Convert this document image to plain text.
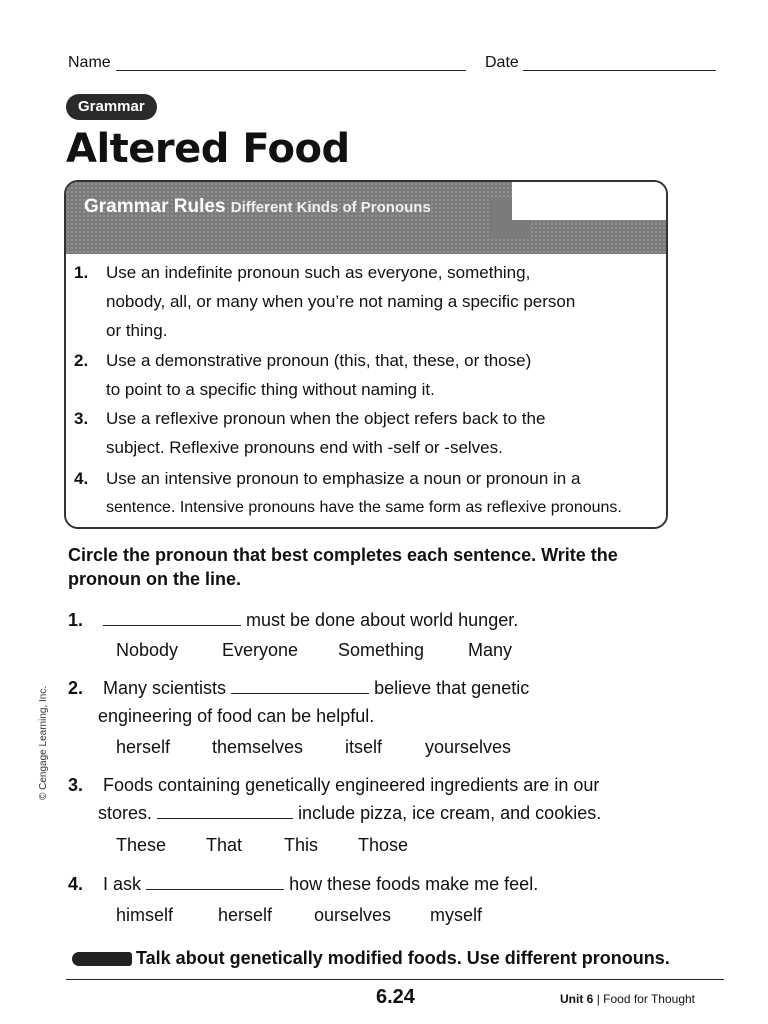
Name	Date
Grammar
Altered Food
Grammar Rules Different Kinds of Pronouns
1. Use an indefinite pronoun such as everyone, something,
nobody, all, or many when you’re not naming a specific person
or thing.
2. Use a demonstrative pronoun (this, that, these, or those)
to point to a specific thing without naming it.
3. Use a reflexive pronoun when the object refers back to the
subject. Reflexive pronouns end with -self or -selves.
4. Use an intensive pronoun to emphasize a noun or pronoun in a
sentence. Intensive pronouns have the same form as reflexive pronouns.
Circle the pronoun that best completes each sentence. Write the pronoun on the line.
1.	must be done about world hunger.
Nobody Everyone Something Many
2. Many scientists	believe that genetic
engineering of food can be helpful.
herself themselves itself yourselves
3. Foods containing genetically engineered ingredients are in our
stores.	include pizza, ice cream, and cookies.
These That This Those
4. I ask	how these foods make me feel.
himself herself ourselves myself
© Cengage Learning, Inc.
Talk about genetically modified foods. Use different pronouns.
6.24	Unit 6 | Food for Thought
